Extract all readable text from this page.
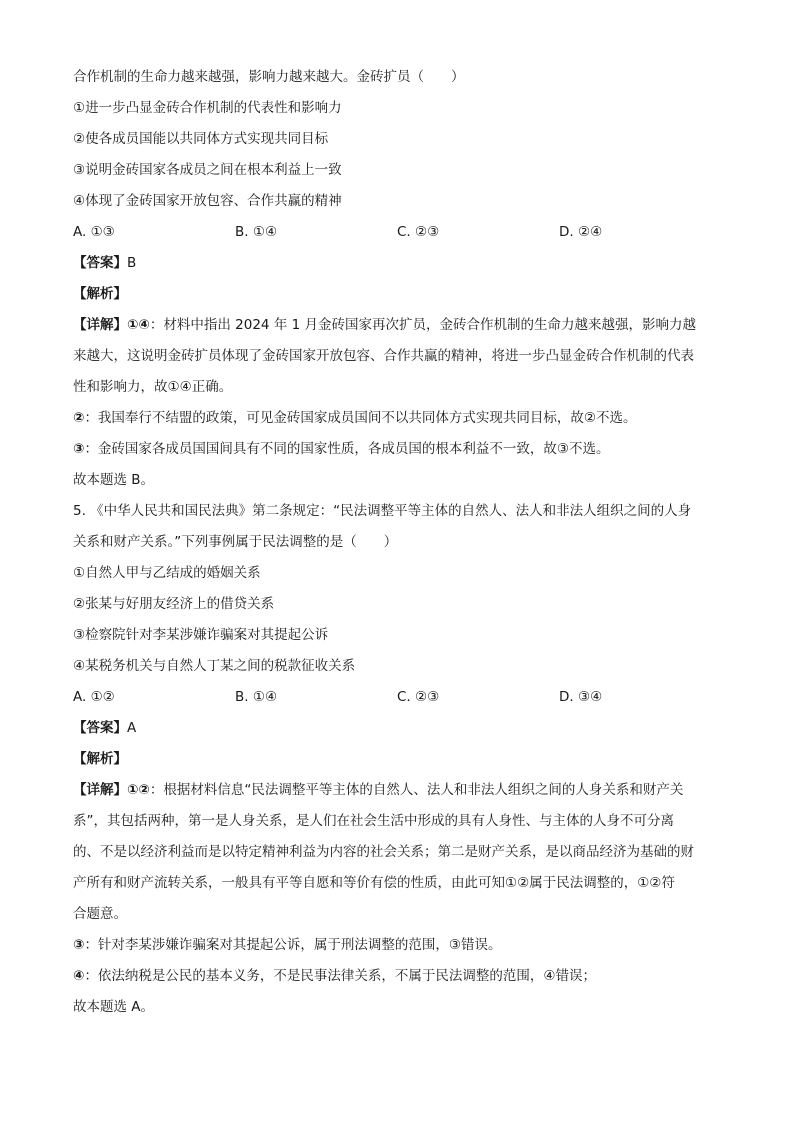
合作机制的生命力越来越强，影响力越来越大。金砖扩员（　　）
①进一步凸显金砖合作机制的代表性和影响力
②使各成员国能以共同体方式实现共同目标
③说明金砖国家各成员之间在根本利益上一致
④体现了金砖国家开放包容、合作共赢的精神
A. ①③	B. ①④	C. ②③	D. ②④
【答案】B
【解析】
【详解】①④：材料中指出 2024 年 1 月金砖国家再次扩员，金砖合作机制的生命力越来越强，影响力越
来越大，这说明金砖扩员体现了金砖国家开放包容、合作共赢的精神，将进一步凸显金砖合作机制的代表
性和影响力，故①④正确。
②：我国奉行不结盟的政策，可见金砖国家成员国间不以共同体方式实现共同目标，故②不选。
③：金砖国家各成员国国间具有不同的国家性质，各成员国的根本利益不一致，故③不选。
故本题选 B。
5. 《中华人民共和国民法典》第二条规定：“民法调整平等主体的自然人、法人和非法人组织之间的人身
关系和财产关系。”下列事例属于民法调整的是（　　）
①自然人甲与乙结成的婚姻关系
②张某与好朋友经济上的借贷关系
③检察院针对李某涉嫌诈骗案对其提起公诉
④某税务机关与自然人丁某之间的税款征收关系
A. ①②	B. ①④	C. ②③	D. ③④
【答案】A
【解析】
【详解】①②：根据材料信息“民法调整平等主体的自然人、法人和非法人组织之间的人身关系和财产关
系”，其包括两种，第一是人身关系，是人们在社会生活中形成的具有人身性、与主体的人身不可分离
的、不是以经济利益而是以特定精神利益为内容的社会关系；第二是财产关系，是以商品经济为基础的财
产所有和财产流转关系，一般具有平等自愿和等价有偿的性质，由此可知①②属于民法调整的，①②符
合题意。
③：针对李某涉嫌诈骗案对其提起公诉，属于刑法调整的范围，③错误。
④：依法纳税是公民的基本义务，不是民事法律关系，不属于民法调整的范围，④错误；
故本题选 A。
